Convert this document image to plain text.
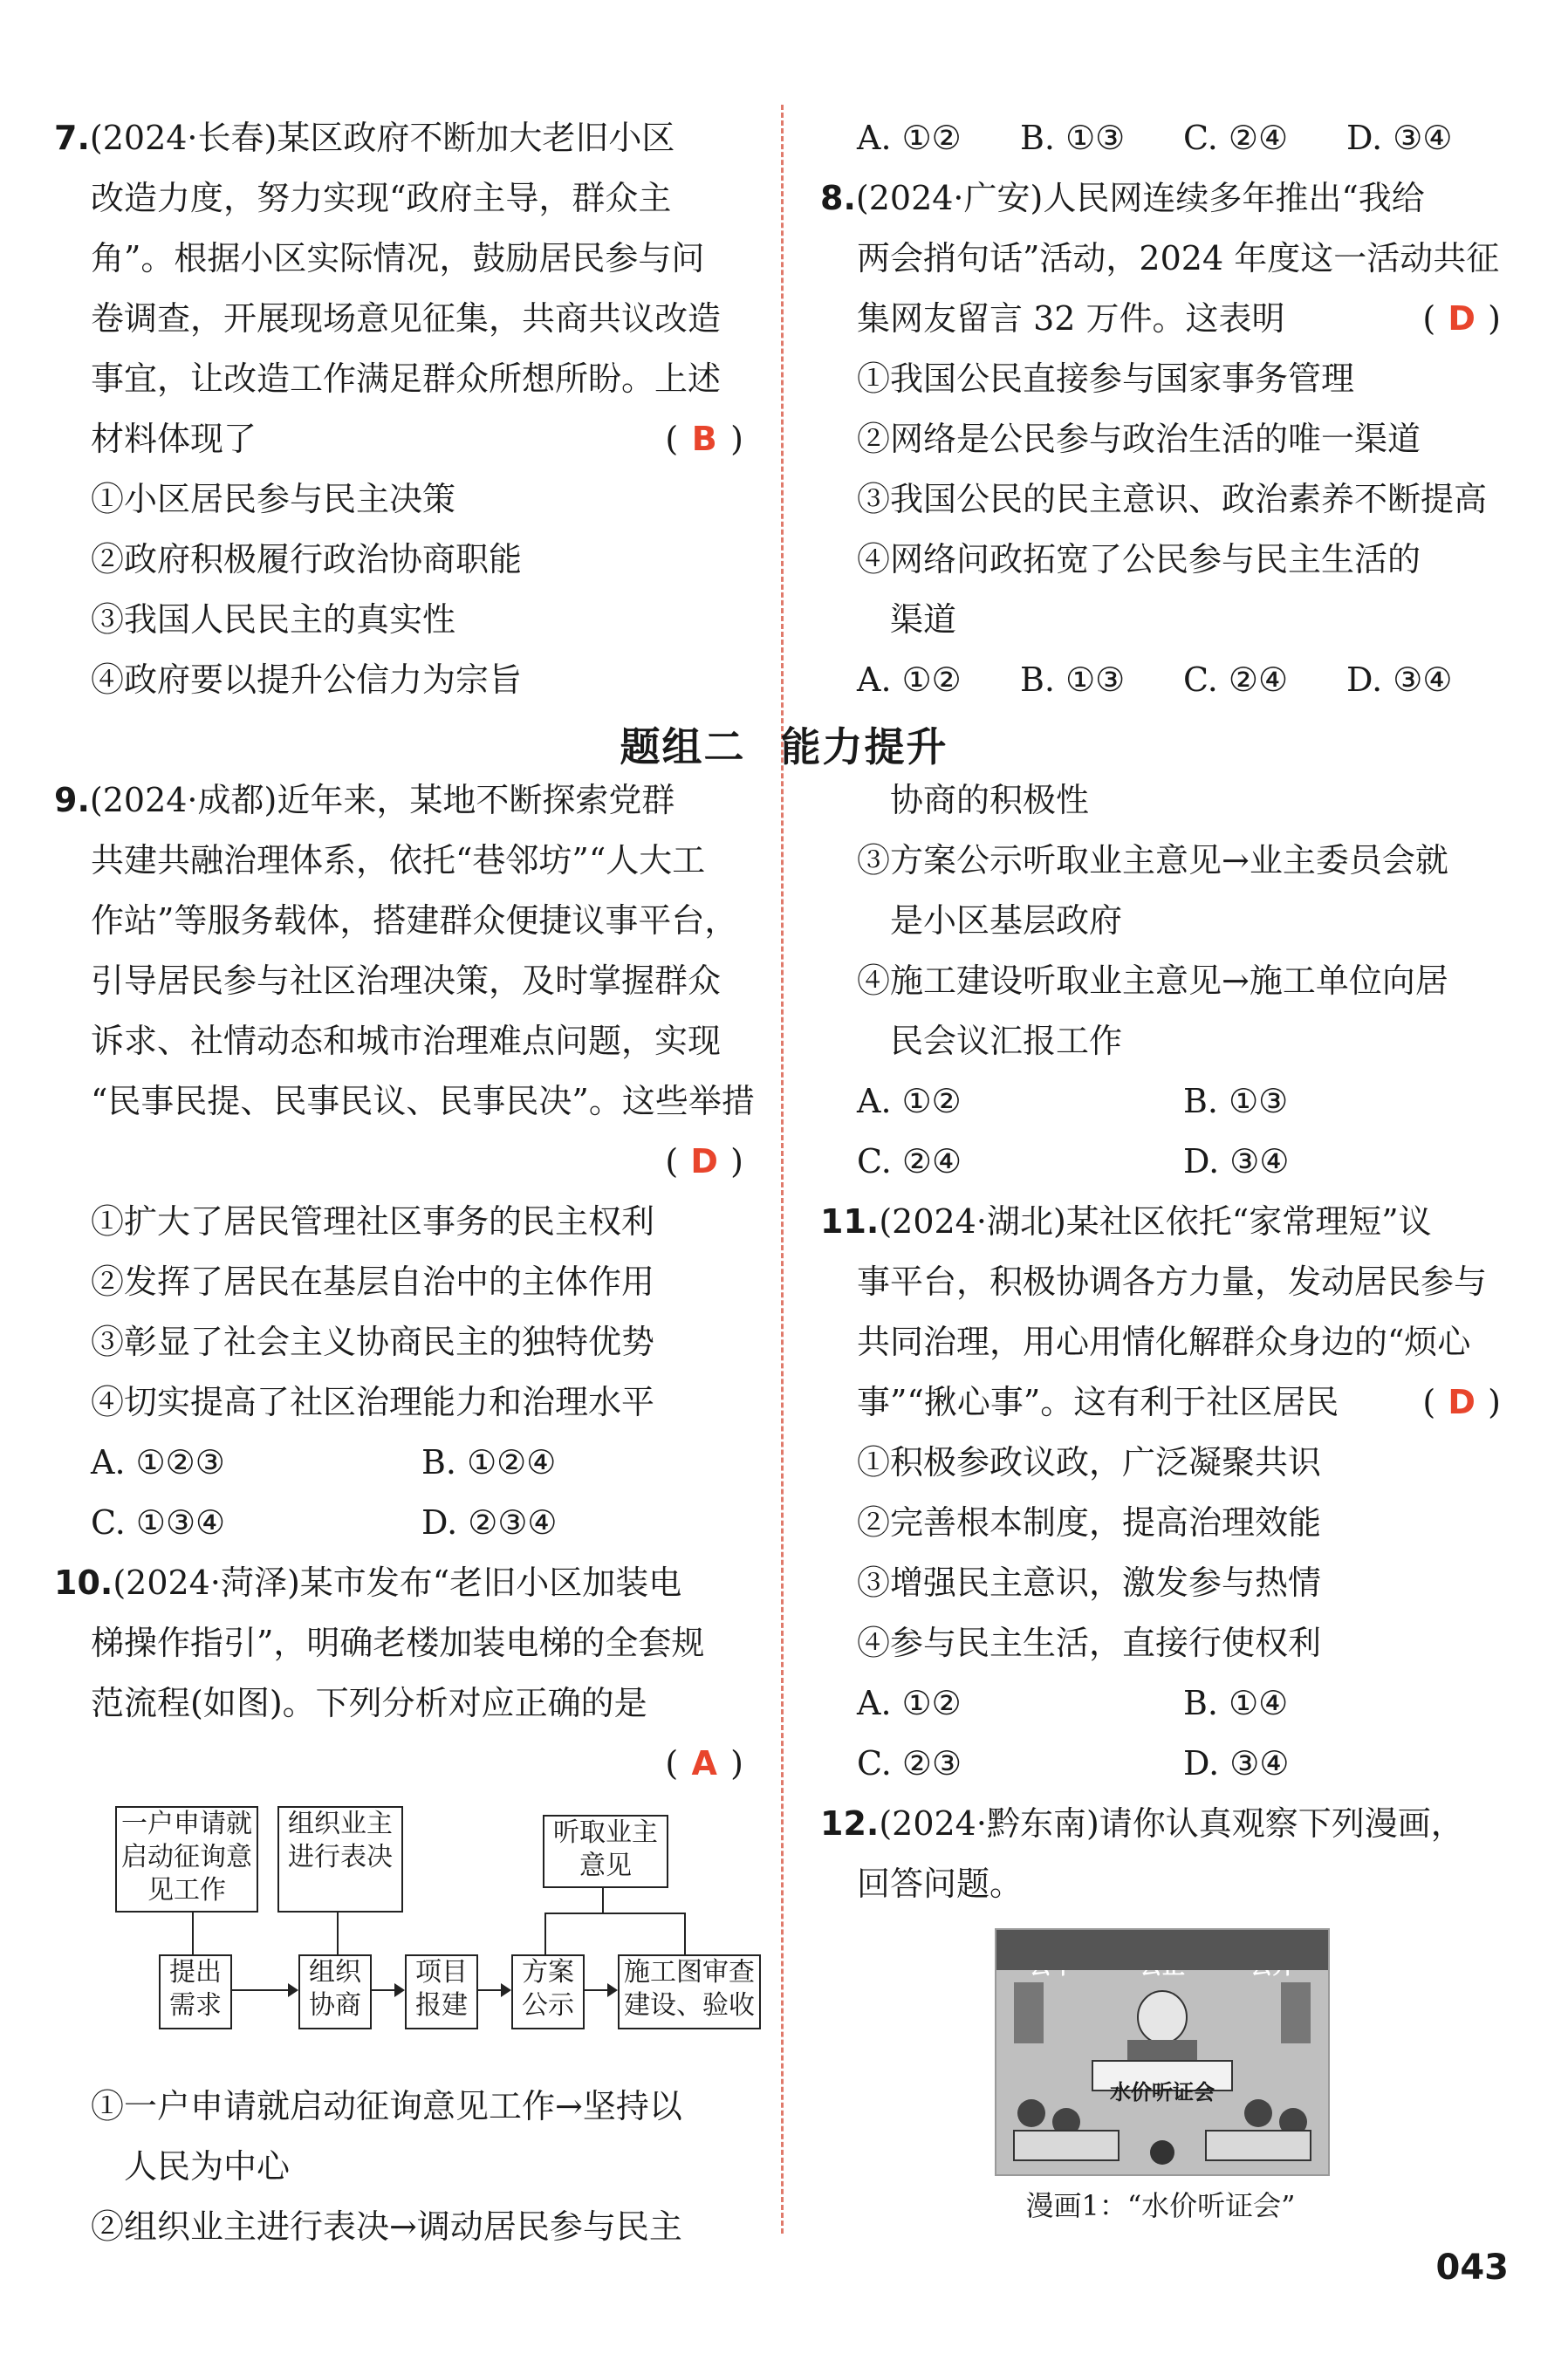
7.(2024·长春)某区政府不断加大老旧小区
改造力度，努力实现“政府主导，群众主
角”。根据小区实际情况，鼓励居民参与问
卷调查，开展现场意见征集，共商共议改造
事宜，让改造工作满足群众所想所盼。上述
材料体现了	( B )
①小区居民参与民主决策
②政府积极履行政治协商职能
③我国人民民主的真实性
④政府要以提升公信力为宗旨
9.(2024·成都)近年来，某地不断探索党群
共建共融治理体系，依托“巷邻坊”“人大工
作站”等服务载体，搭建群众便捷议事平台，
引导居民参与社区治理决策，及时掌握群众
诉求、社情动态和城市治理难点问题，实现
“民事民提、民事民议、民事民决”。这些举措
( D )

①扩大了居民管理社区事务的民主权利
②发挥了居民在基层自治中的主体作用
③彰显了社会主义协商民主的独特优势
④切实提高了社区治理能力和治理水平
A. ①②③	B. ①②④
C. ①③④	D. ②③④
10.(2024·菏泽)某市发布“老旧小区加装电
梯操作指引”，明确老楼加装电梯的全套规
范流程(如图)。下列分析对应正确的是
( A )

一户申请就启动征询意见工作
组织业主进行表决
听取业主意见
提出需求
组织协商
项目报建
方案公示
施工图审查建设、验收
①一户申请就启动征询意见工作→坚持以
人民为中心
②组织业主进行表决→调动居民参与民主
题组二 能力提升
A. ①②	B. ①③	C. ②④	D. ③④
8.(2024·广安)人民网连续多年推出“我给
两会捎句话”活动，2024 年度这一活动共征
集网友留言 32 万件。这表明	( D )
①我国公民直接参与国家事务管理
②网络是公民参与政治生活的唯一渠道
③我国公民的民主意识、政治素养不断提高
④网络问政拓宽了公民参与民主生活的
渠道
A. ①②	B. ①③	C. ②④	D. ③④
协商的积极性
③方案公示听取业主意见→业主委员会就
是小区基层政府
④施工建设听取业主意见→施工单位向居
民会议汇报工作
A. ①②	B. ①③
C. ②④	D. ③④
11.(2024·湖北)某社区依托“家常理短”议
事平台，积极协调各方力量，发动居民参与
共同治理，用心用情化解群众身边的“烦心
事”“揪心事”。这有利于社区居民	( D )
①积极参政议政，广泛凝聚共识
②完善根本制度，提高治理效能
③增强民主意识，激发参与热情
④参与民主生活，直接行使权利
A. ①②	B. ①④
C. ②③	D. ③④
12.(2024·黔东南)请你认真观察下列漫画，
回答问题。
水价听证会
漫画1：“水价听证会”
043
